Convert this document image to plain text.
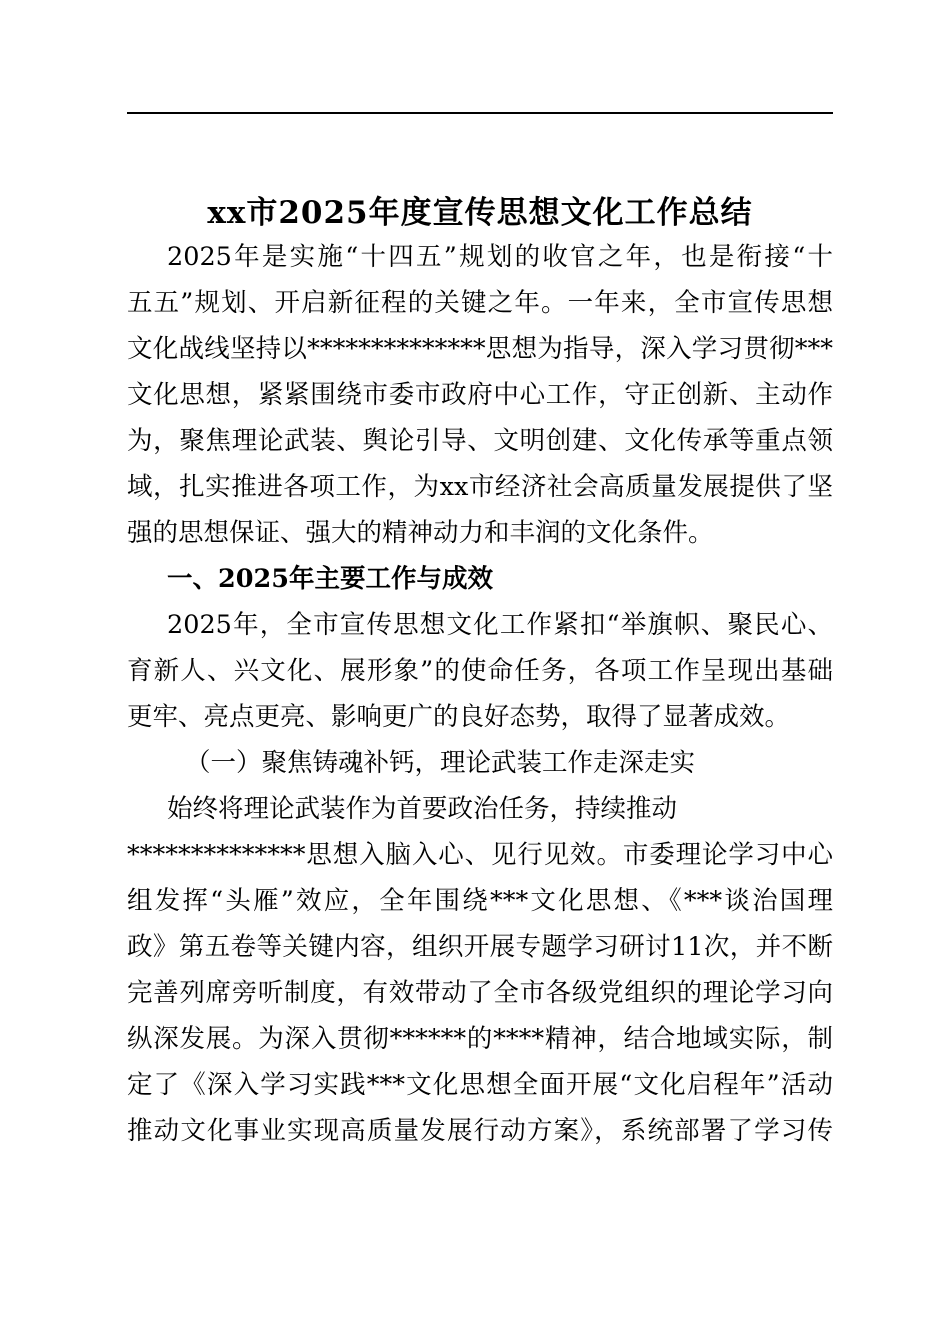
xx市2025年度宣传思想文化工作总结
2025年是实施“十四五”规划的收官之年，也是衔接“十
五五”规划、开启新征程的关键之年。一年来，全市宣传思想
文化战线坚持以**************思想为指导，深入学习贯彻***
文化思想，紧紧围绕市委市政府中心工作，守正创新、主动作
为，聚焦理论武装、舆论引导、文明创建、文化传承等重点领
域，扎实推进各项工作，为xx市经济社会高质量发展提供了坚
强的思想保证、强大的精神动力和丰润的文化条件。
一、2025年主要工作与成效
2025年，全市宣传思想文化工作紧扣“举旗帜、聚民心、
育新人、兴文化、展形象”的使命任务，各项工作呈现出基础
更牢、亮点更亮、影响更广的良好态势，取得了显著成效。
（一）聚焦铸魂补钙，理论武装工作走深走实
始终将理论武装作为首要政治任务，持续推动
**************思想入脑入心、见行见效。市委理论学习中心
组发挥“头雁”效应，全年围绕***文化思想、《***谈治国理
政》第五卷等关键内容，组织开展专题学习研讨11次，并不断
完善列席旁听制度，有效带动了全市各级党组织的理论学习向
纵深发展。为深入贯彻******的****精神，结合地域实际，制
定了《深入学习实践***文化思想全面开展“文化启程年”活动
推动文化事业实现高质量发展行动方案》，系统部署了学习传
